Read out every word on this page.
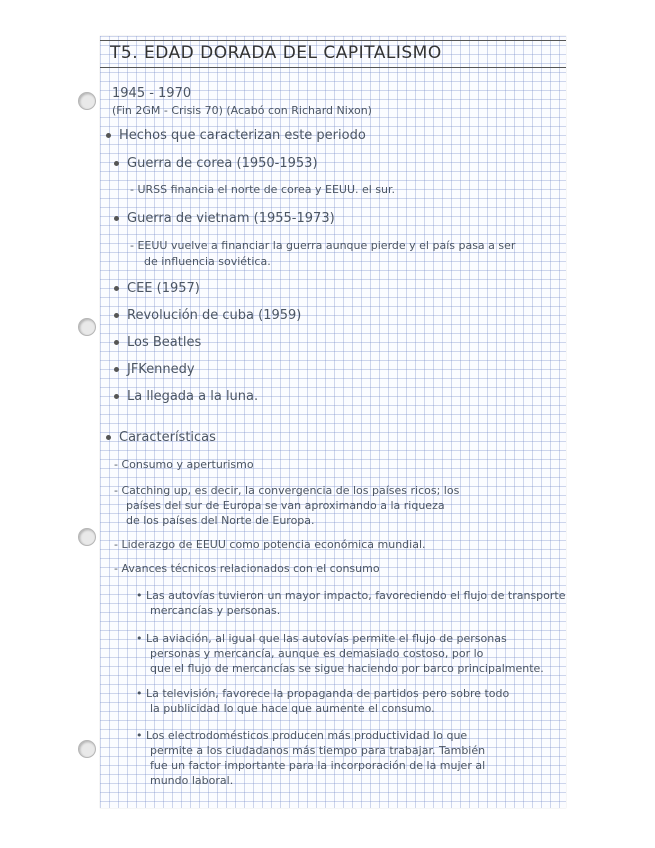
T5. EDAD DORADA DEL CAPITALISMO
1945 - 1970
(Fin 2GM - Crisis 70) (Acabó con Richard Nixon)
Hechos que caracterizan este periodo
Guerra de corea (1950-1953)
- URSS financia el norte de corea y EEUU. el sur.
Guerra de vietnam (1955-1973)
- EEUU vuelve a financiar la guerra aunque pierde y el país pasa a ser
de influencia soviética.
CEE (1957)
Revolución de cuba (1959)
Los Beatles
JFKennedy
La llegada a la luna.
Características
- Consumo y aperturismo
- Catching up, es decir, la convergencia de los países ricos; los
países del sur de Europa se van aproximando a la riqueza
de los países del Norte de Europa.
- Liderazgo de EEUU como potencia económica mundial.
- Avances técnicos relacionados con el consumo
• Las autovías tuvieron un mayor impacto, favoreciendo el flujo de transporte
mercancías y personas.
• La aviación, al igual que las autovías permite el flujo de personas
personas y mercancía, aunque es demasiado costoso, por lo
que el flujo de mercancías se sigue haciendo por barco principalmente.
• La televisión, favorece la propaganda de partidos pero sobre todo
la publicidad lo que hace que aumente el consumo.
• Los electrodomésticos producen más productividad lo que
permite a los ciudadanos más tiempo para trabajar. También
fue un factor importante para la incorporación de la mujer al
mundo laboral.
